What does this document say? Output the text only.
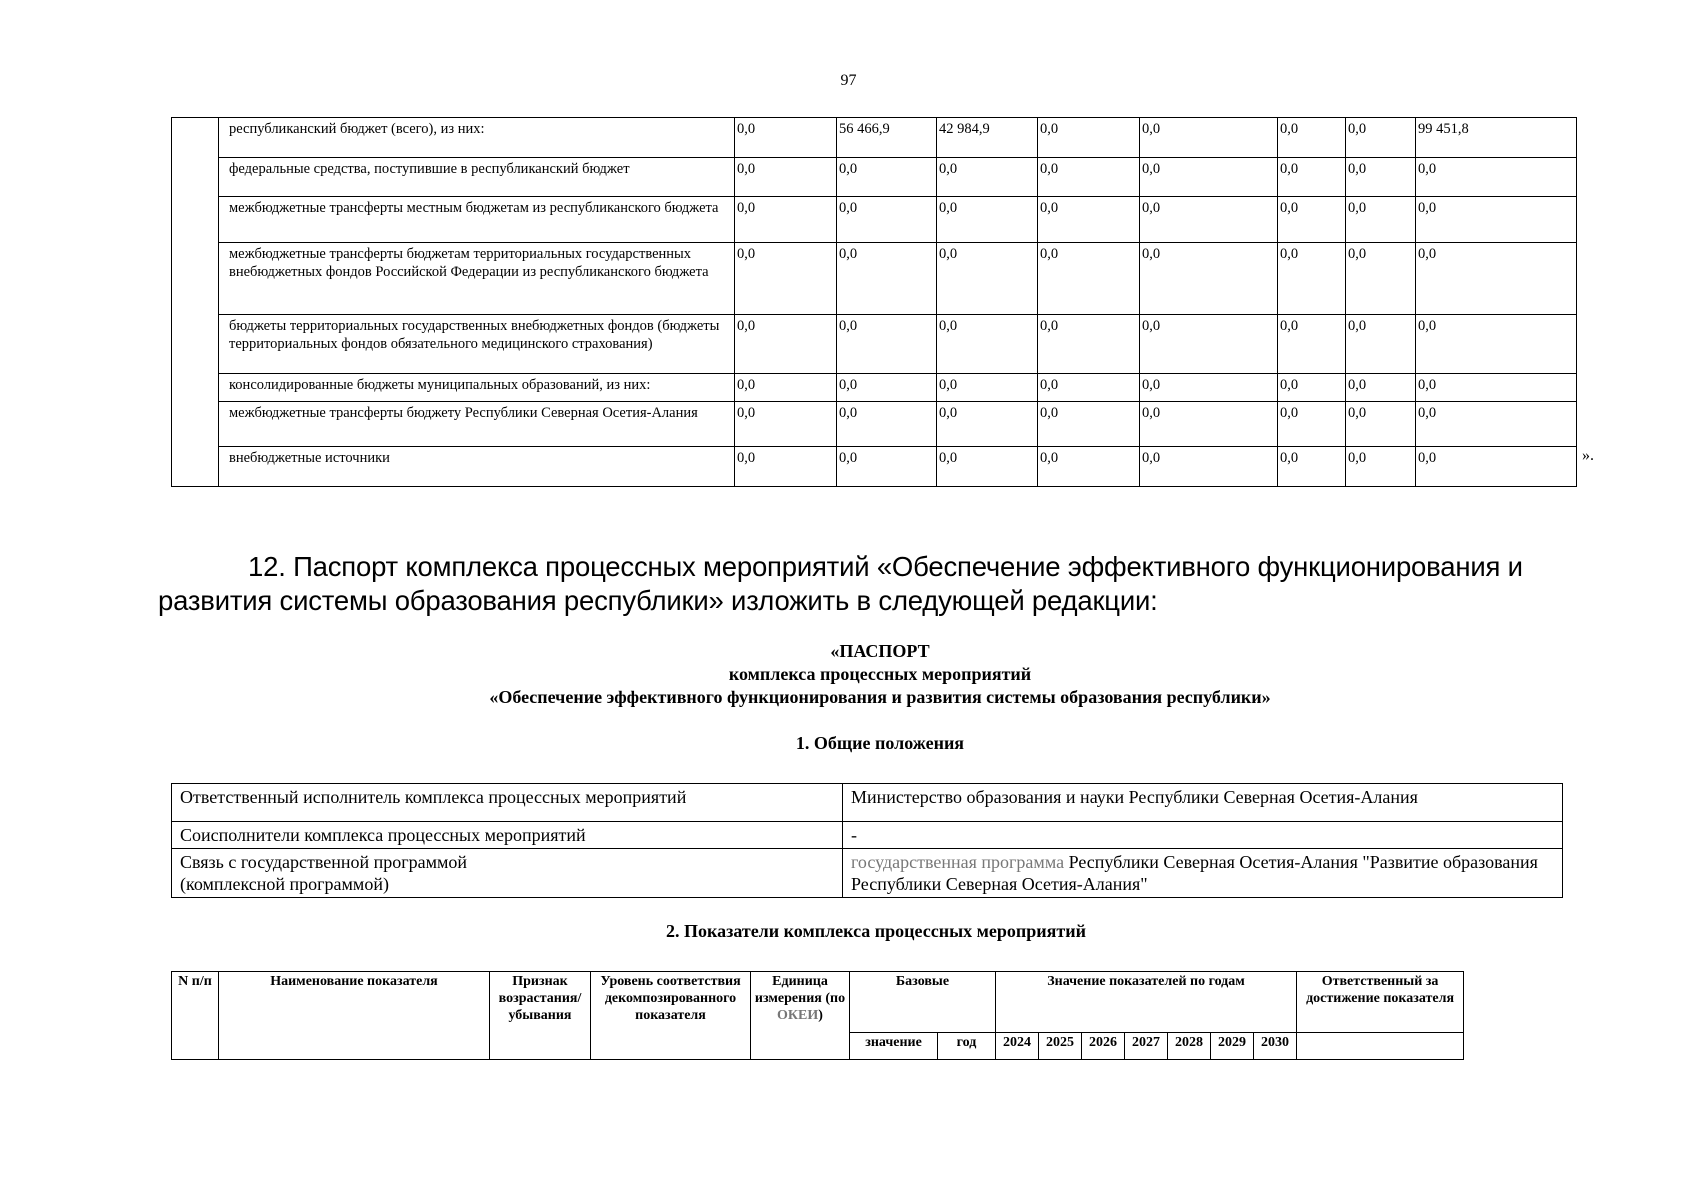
97
	республиканский бюджет (всего), из них:	0,0	56 466,9	42 984,9	0,0	0,0	0,0	0,0	99 451,8
	федеральные средства, поступившие в республиканский бюджет	0,0	0,0	0,0	0,0	0,0	0,0	0,0	0,0
	межбюджетные трансферты местным бюджетам из республиканского бюджета	0,0	0,0	0,0	0,0	0,0	0,0	0,0	0,0
	межбюджетные трансферты бюджетам территориальных государственных внебюджетных фондов Российской Федерации из республиканского бюджета	0,0	0,0	0,0	0,0	0,0	0,0	0,0	0,0
	бюджеты территориальных государственных внебюджетных фондов (бюджеты территориальных фондов обязательного медицинского страхования)	0,0	0,0	0,0	0,0	0,0	0,0	0,0	0,0
	консолидированные бюджеты муниципальных образований, из них:	0,0	0,0	0,0	0,0	0,0	0,0	0,0	0,0
	межбюджетные трансферты бюджету Республики Северная Осетия-Алания	0,0	0,0	0,0	0,0	0,0	0,0	0,0	0,0
	внебюджетные источники	0,0	0,0	0,0	0,0	0,0	0,0	0,0	0,0	».
12. Паспорт комплекса процессных мероприятий «Обеспечение эффективного функционирования и развития системы образования республики» изложить в следующей редакции:
«ПАСПОРТ
комплекса процессных мероприятий
«Обеспечение эффективного функционирования и развития системы образования республики»
1. Общие положения
Ответственный исполнитель комплекса процессных мероприятий	Министерство образования и науки Республики Северная Осетия-Алания
Соисполнители комплекса процессных мероприятий	-

Связь с государственной программой
(комплексной программой)	государственная программа Республики Северная Осетия-Алания "Развитие образования Республики Северная Осетия-Алания"
2. Показатели комплекса процессных мероприятий
N п/п	Наименование показателя	Признак возрастания/ убывания	Уровень соответствия декомпозированного показателя	Единица измерения (по ОКЕИ)	Базовые		Значение показателей по годам							Ответственный за достижение показателя
					значение	год	2024	2025	2026	2027	2028	2029	2030	
